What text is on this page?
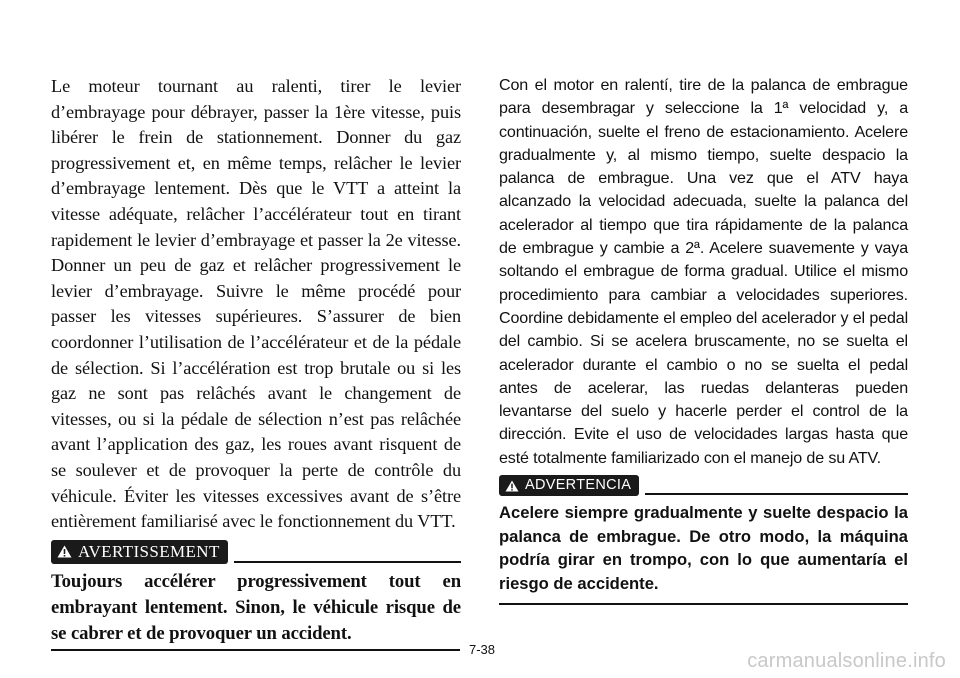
Le moteur tournant au ralenti, tirer le levier d’embrayage pour débrayer, passer la 1ère vitesse, puis libérer le frein de stationnement. Donner du gaz progressivement et, en même temps, relâcher le levier d’embrayage lentement. Dès que le VTT a atteint la vitesse adéquate, relâcher l’accélérateur tout en tirant rapidement le levier d’embrayage et passer la 2e vitesse. Donner un peu de gaz et relâcher progressivement le levier d’embrayage. Suivre le même procédé pour passer les vitesses supérieures. S’assurer de bien coordonner l’utilisation de l’accélérateur et de la pédale de sélection. Si l’accélération est trop brutale ou si les gaz ne sont pas relâchés avant le changement de vitesses, ou si la pédale de sélection n’est pas relâchée avant l’application des gaz, les roues avant risquent de se soulever et de provoquer la perte de contrôle du véhicule. Éviter les vitesses excessives avant de s’être entièrement familiarisé avec le fonctionnement du VTT.

AVERTISSEMENT

Toujours accélérer progressivement tout en embrayant lentement. Sinon, le véhicule risque de se cabrer et de provoquer un accident.

Con el motor en ralentí, tire de la palanca de embrague para desembragar y seleccione la 1ª velocidad y, a continuación, suelte el freno de estacionamiento. Acelere gradualmente y, al mismo tiempo, suelte despacio la palanca de embrague. Una vez que el ATV haya alcanzado la velocidad adecuada, suelte la palanca del acelerador al tiempo que tira rápidamente de la palanca de embrague y cambie a 2ª. Acelere suavemente y vaya soltando el embrague de forma gradual. Utilice el mismo procedimiento para cambiar a velocidades superiores. Coordine debidamente el empleo del acelerador y el pedal del cambio. Si se acelera bruscamente, no se suelta el acelerador durante el cambio o no se suelta el pedal antes de acelerar, las ruedas delanteras pueden levantarse del suelo y hacerle perder el control de la dirección. Evite el uso de velocidades largas hasta que esté totalmente familiarizado con el manejo de su ATV.

ADVERTENCIA

Acelere siempre gradualmente y suelte despacio la palanca de embrague. De otro modo, la máquina podría girar en trompo, con lo que aumentaría el riesgo de accidente.

7-38
carmanualsonline.info
